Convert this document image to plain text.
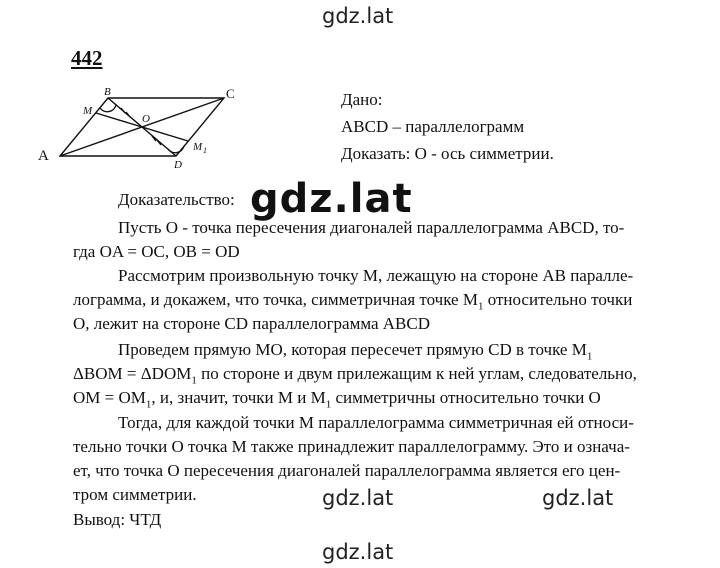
gdz.lat
442
B	C
M
O
D
M 1
A
Дано:
ABCD – параллелограмм
Доказать: О - ось симметрии.
Доказательство: gdz.lat
Пусть O - точка пересечения диагоналей параллелограмма ABCD, то-
гда OA = OC, OB = OD
Рассмотрим произвольную точку M, лежащую на стороне AB паралле-
лограмма, и докажем, что точка, симметричная точке $M_1$ относительно точки
O, лежит на стороне CD параллелограмма ABCD
Проведем прямую MO, которая пересечет прямую CD в точке $M_1$
$\Delta BOM = \Delta DOM_1$ по стороне и двум прилежащим к ней углам, следовательно,
OM = $OM_1$, и, значит, точки M и $M_1$ симметричны относительно точки O
Тогда, для каждой точки M параллелограмма симметричная ей относи-
тельно точки O точка M также принадлежит параллелограмму. Это и означа-
ет, что точка O пересечения диагоналей параллелограмма является его цен-
тром симметрии.	gdz.lat	gdz.lat
Вывод: ЧТД
gdz.lat
